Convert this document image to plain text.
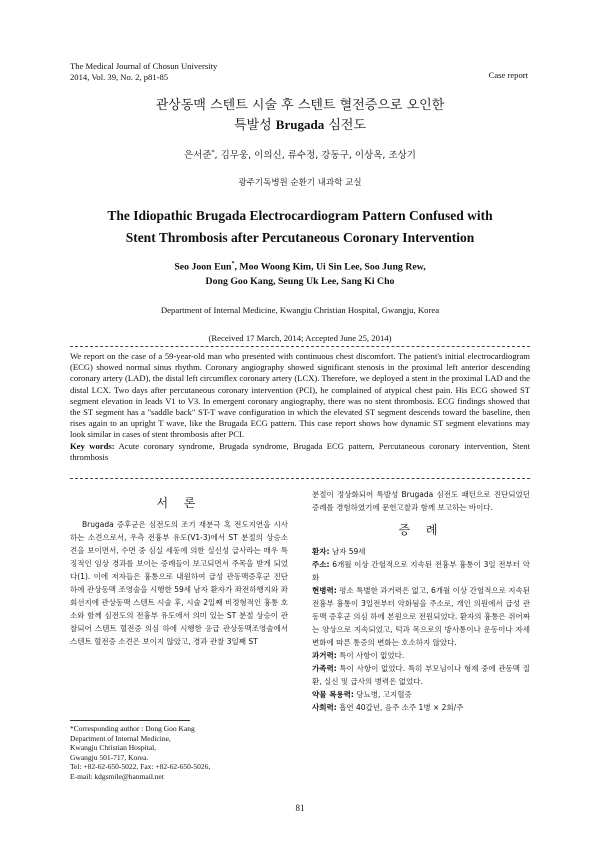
The Medical Journal of Chosun University
2014, Vol. 39, No. 2, p81-85	Case report
관상동맥 스텐트 시술 후 스텐트 혈전증으로 오인한
특발성 Brugada 심전도
은서준*, 김무웅, 이의신, 류수정, 강동구, 이상옥, 조상기
광주기독병원 순환기 내과학 교실
The Idiopathic Brugada Electrocardiogram Pattern Confused with
Stent Thrombosis after Percutaneous Coronary Intervention
Seo Joon Eun*, Moo Woong Kim, Ui Sin Lee, Soo Jung Rew,
Dong Goo Kang, Seung Uk Lee, Sang Ki Cho
Department of Internal Medicine, Kwangju Christian Hospital, Gwangju, Korea
(Received 17 March, 2014; Accepted June 25, 2014)
We report on the case of a 59-year-old man who presented with continuous chest discomfort. The patient's initial electrocardiogram (ECG) showed normal sinus rhythm. Coronary angiography showed significant stenosis in the proximal left anterior descending coronary artery (LAD), the distal left circumflex coronary artery (LCX). Therefore, we deployed a stent in the proximal LAD and the distal LCX. Two days after percutaneous coronary intervention (PCI), he complained of atypical chest pain. His ECG showed ST segment elevation in leads V1 to V3. In emergent coronary angiography, there was no stent thrombosis. ECG findings showed that the ST segment has a "saddle back" ST-T wave configuration in which the elevated ST segment descends toward the baseline, then rises again to an upright T wave, like the Brugada ECG pattern. This case report shows how dynamic ST segment elevations may look similar in cases of stent thrombosis after PCI.
Key words: Acute coronary syndrome, Brugada syndrome, Brugada ECG pattern, Percutaneous coronary intervention, Stent thrombosis
서 론

Brugada 증후군은 심전도의 조기 재분극 혹 전도지연을 시사하는 소견으로서, 우측 전흉부 유도(V1-3)에서 ST 분절의 상승소견을 보이면서, 수면 중 심실 세동에 의한 실신성 급사라는 매우 특징적인 임상 경과를 보이는 증례들이 보고되면서 주목을 받게 되었다(1). 이에 저자들은 흉통으로 내원하여 급성 관동맥증후군 진단하에 관상동맥 조영술을 시행한 59세 남자 환자가 좌전하행지와 좌회선지에 관상동맥 스텐트 시술 후, 시술 2일째 비정형적인 흉통 호소와 함께 심전도의 전흉부 유도에서 의미 있는 ST 분절 상승이 관찰되어 스텐트 혈전증 의심 하에 시행한 응급 관상동맥조영술에서 스텐트 혈전증 소견은 보이지 않았고, 경과 관찰 3일째 ST

분절이 정상화되어 특발성 Brugada 심전도 패턴으로 진단되었던 증례를 경험하였기에 문헌고찰과 함께 보고하는 바이다.

증 례

환자: 남자 59세

주소: 6개월 이상 간헐적으로 지속된 전흉부 흉통이 3일 전부터 악화

현병력: 평소 특별한 과거력은 없고, 6개월 이상 간헐적으로 지속된 전흉부 흉통이 3일전부터 악화됨을 주소로, 개인 의원에서 급성 관동맥 증후군 의심 하에 본원으로 전원되었다. 환자의 흉통은 쥐어짜는 양상으로 지속되었고, 턱과 목으로의 방사통이나 운동이나 자세변화에 따른 통증의 변화는 호소하지 않았다.

과거력: 특이 사항이 없었다.

가족력: 특이 사항이 없었다. 특히 부모님이나 형제 중에 관동맥 질환, 실신 및 급사의 병력은 없었다.

약물 복용력: 당뇨병, 고지혈증

사회력: 흡연 40갑년, 음주 소주 1병 × 2회/주

*Corresponding author : Dong Goo Kang
Department of Internal Medicine,
Kwangju Christian Hospital,
Gwangju 501-717, Korea.
Tel: +82-62-650-5022, Fax: +82-62-650-5026,
E-mail: kdgsmile@hanmail.net
81
